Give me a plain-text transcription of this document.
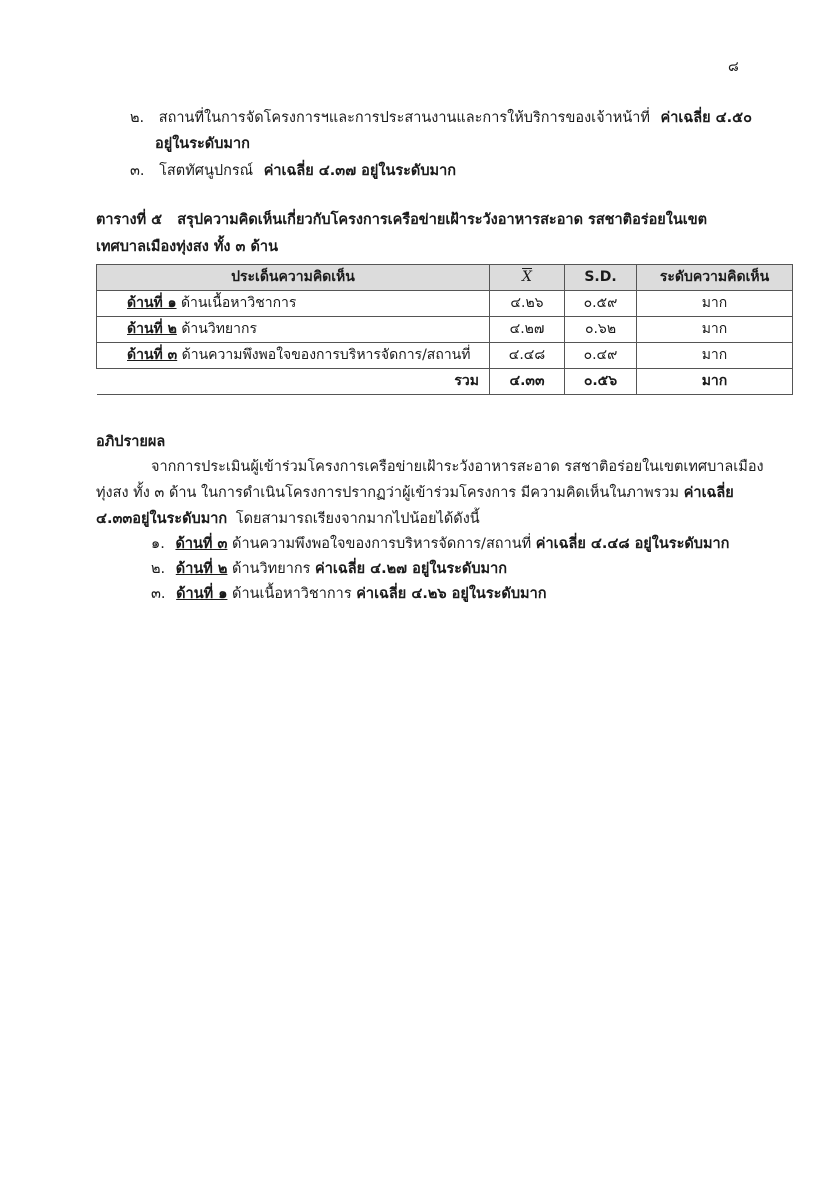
๘
๒. สถานที่ในการจัดโครงการฯและการประสานงานและการให้บริการของเจ้าหน้าที่ ค่าเฉลี่ย ๔.๕๐
อยู่ในระดับมาก
๓. โสตทัศนูปกรณ์ ค่าเฉลี่ย ๔.๓๗ อยู่ในระดับมาก
ตารางที่ ๕   สรุปความคิดเห็นเกี่ยวกับโครงการเครือข่ายเฝ้าระวังอาหารสะอาด รสชาติอร่อยในเขต
เทศบาลเมืองทุ่งสง ทั้ง ๓ ด้าน
ประเด็นความคิดเห็น	$\overline{X}$	S.D.	ระดับความคิดเห็น
ด้านที่ ๑ ด้านเนื้อหาวิชาการ	๔.๒๖	๐.๕๙	มาก
ด้านที่ ๒ ด้านวิทยากร	๔.๒๗	๐.๖๒	มาก
ด้านที่ ๓ ด้านความพึงพอใจของการบริหารจัดการ/สถานที่	๔.๔๘	๐.๔๙	มาก
รวม	๔.๓๓	๐.๕๖	มาก
อภิปรายผล
จากการประเมินผู้เข้าร่วมโครงการเครือข่ายเฝ้าระวังอาหารสะอาด รสชาติอร่อยในเขตเทศบาลเมือง
ทุ่งสง ทั้ง ๓ ด้าน ในการดำเนินโครงการปรากฏว่าผู้เข้าร่วมโครงการ มีความคิดเห็นในภาพรวม ค่าเฉลี่ย
๔.๓๓อยู่ในระดับมาก โดยสามารถเรียงจากมากไปน้อยได้ดังนี้
๑. ด้านที่ ๓ ด้านความพึงพอใจของการบริหารจัดการ/สถานที่ ค่าเฉลี่ย ๔.๔๘ อยู่ในระดับมาก
๒. ด้านที่ ๒ ด้านวิทยากร ค่าเฉลี่ย ๔.๒๗ อยู่ในระดับมาก
๓. ด้านที่ ๑ ด้านเนื้อหาวิชาการ ค่าเฉลี่ย ๔.๒๖ อยู่ในระดับมาก
